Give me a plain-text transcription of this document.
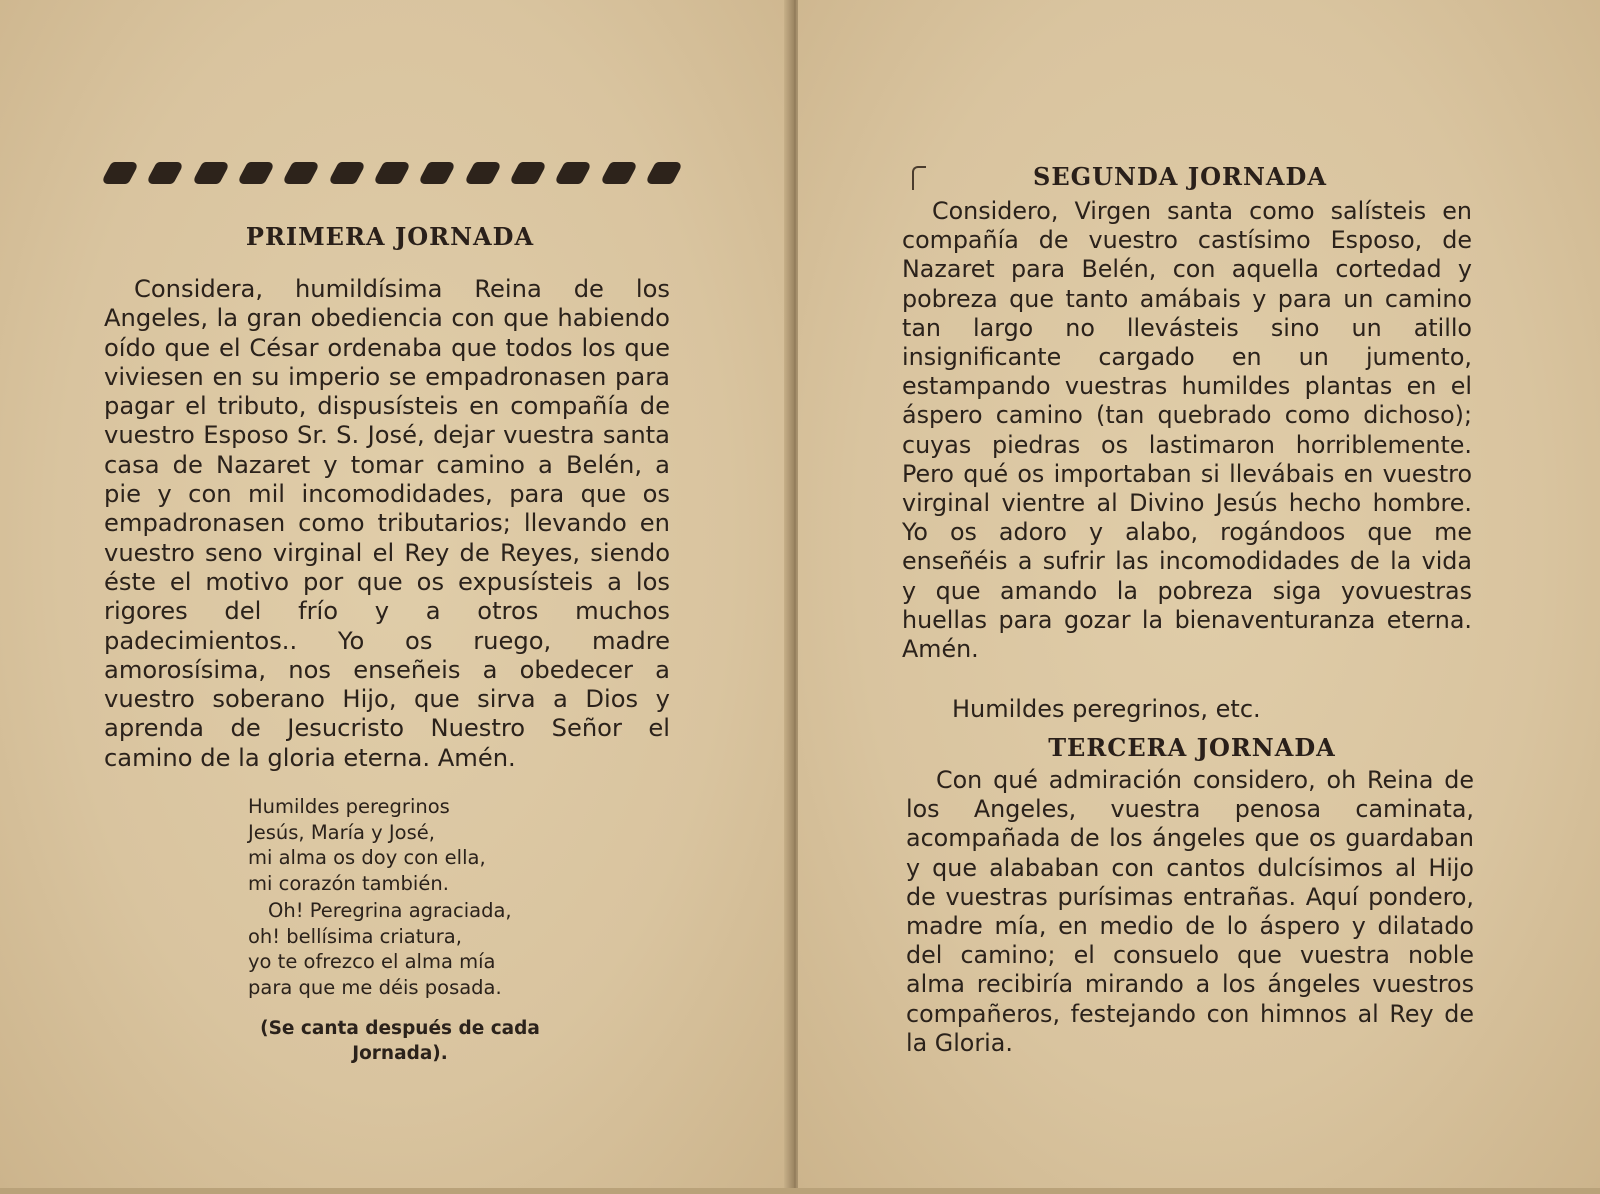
PRIMERA JORNADA

Considera, humildísima Reina de los Angeles, la gran obediencia con que habiendo oído que el César ordenaba que todos los que viviesen en su imperio se empadronasen para pagar el tributo, dispusísteis en compañía de vuestro Esposo Sr. S. José, dejar vuestra santa casa de Nazaret y tomar camino a Belén, a pie y con mil incomodidades, para que os empadronasen como tributarios; llevando en vuestro seno virginal el Rey de Reyes, siendo éste el motivo por que os expusísteis a los rigores del frío y a otros muchos padecimientos.. Yo os ruego, madre amorosísima, nos enseñeis a obedecer a vuestro soberano Hijo, que sirva a Dios y aprenda de Jesucristo Nuestro Señor el camino de la gloria eterna. Amén.

Humildes peregrinos
Jesús, María y José,
mi alma os doy con ella,
mi corazón también.
Oh! Peregrina agraciada,
oh! bellísima criatura,
yo te ofrezco el alma mía
para que me déis posada.
(Se canta después de cada Jornada).
SEGUNDA JORNADA

Considero, Virgen santa como salísteis en compañía de vuestro castísimo Esposo, de Nazaret para Belén, con aquella cortedad y pobreza que tanto amábais y para un camino tan largo no llevásteis sino un atillo insignificante cargado en un jumento, estampando vuestras humildes plantas en el áspero camino (tan quebrado como dichoso); cuyas piedras os lastimaron horriblemente. Pero qué os importaban si llevábais en vuestro virginal vientre al Divino Jesús hecho hombre. Yo os adoro y alabo, rogándoos que me enseñéis a sufrir las incomodidades de la vida y que amando la pobreza siga yovuestras huellas para gozar la bienaventuranza eterna. Amén.

Humildes peregrinos, etc.
TERCERA JORNADA

Con qué admiración considero, oh Reina de los Angeles, vuestra penosa caminata, acompañada de los ángeles que os guardaban y que alababan con cantos dulcísimos al Hijo de vuestras purísimas entrañas. Aquí pondero, madre mía, en medio de lo áspero y dilatado del camino; el consuelo que vuestra noble alma recibiría mirando a los ángeles vuestros compañeros, festejando con himnos al Rey de la Gloria.
